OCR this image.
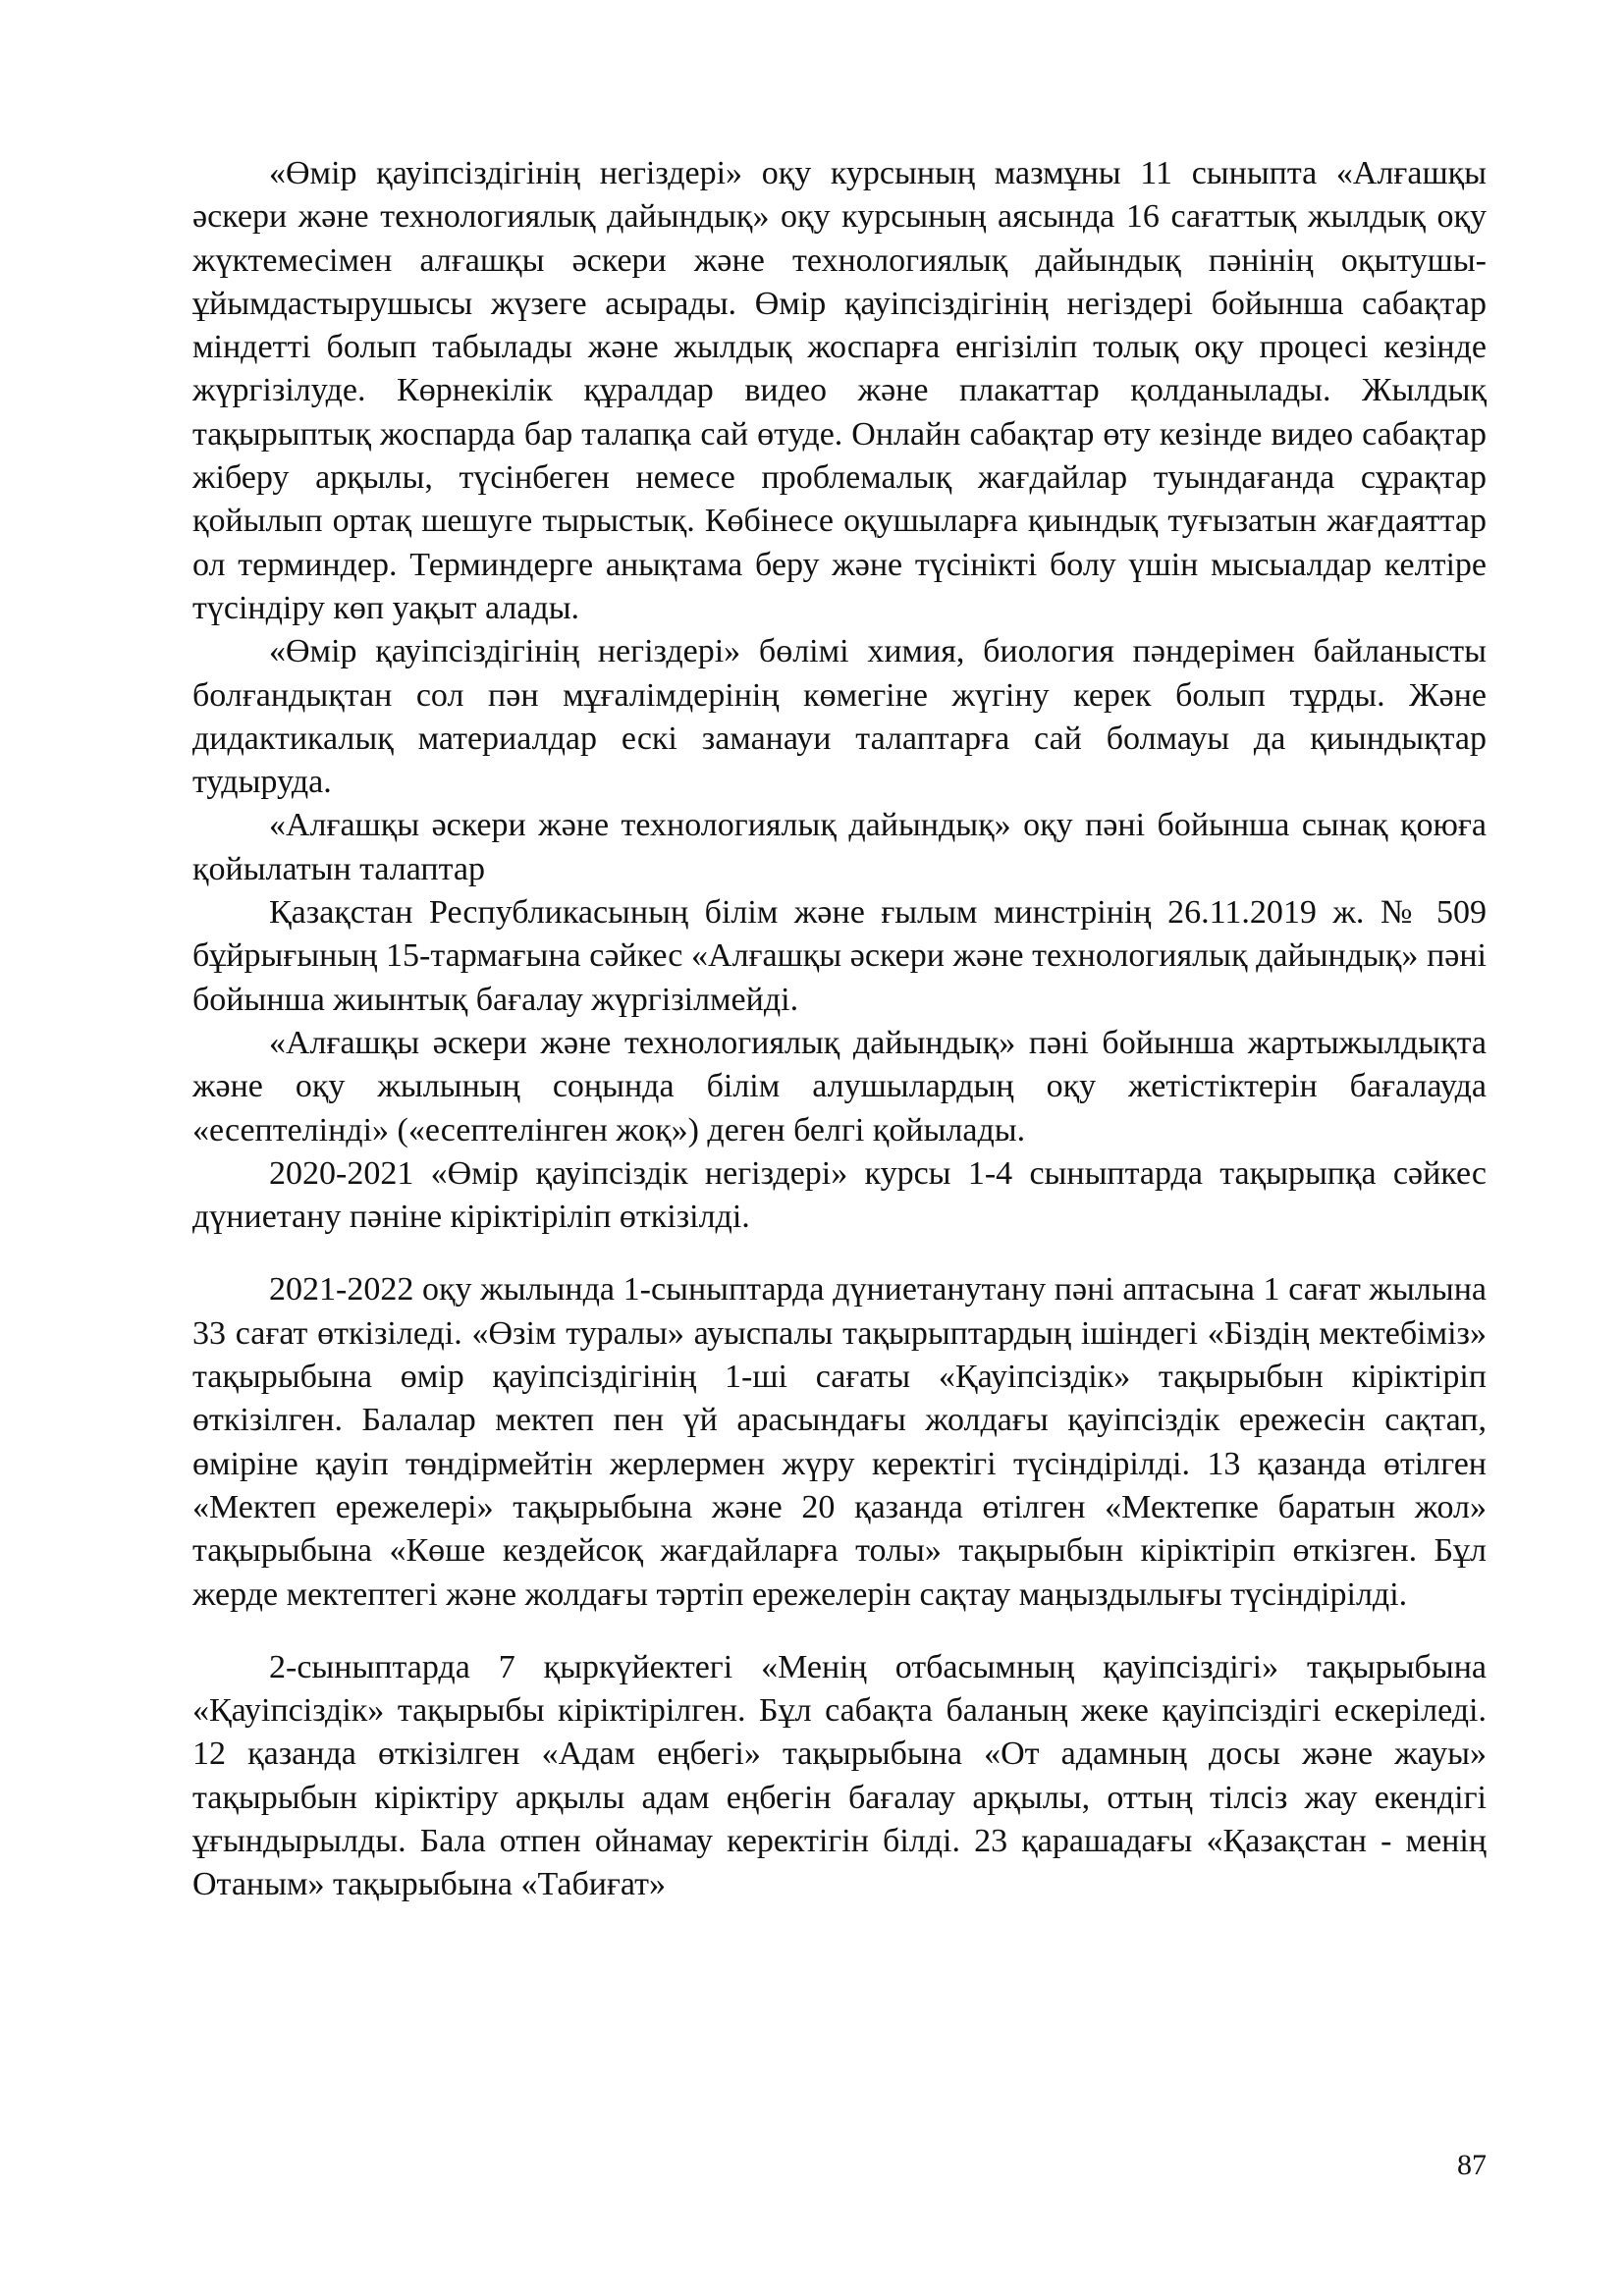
«Өмір қауіпсіздігінің негіздері» оқу курсының мазмұны 11 сыныпта «Алғашқы әскери және технологиялық дайындық» оқу курсының аясында 16 сағаттық жылдық оқу жүктемесімен алғашқы әскери және технологиялық дайындық пәнінің оқытушы-ұйымдастырушысы жүзеге асырады. Өмір қауіпсіздігінің негіздері бойынша сабақтар міндетті болып табылады және жылдық жоспарға енгізіліп толық оқу процесі кезінде жүргізілуде. Көрнекілік құралдар видео және плакаттар қолданылады. Жылдық тақырыптық жоспарда бар талапқа сай өтуде. Онлайн сабақтар өту кезінде видео сабақтар жіберу арқылы, түсінбеген немесе проблемалық жағдайлар туындағанда сұрақтар қойылып ортақ шешуге тырыстық. Көбінесе оқушыларға қиындық туғызатын жағдаяттар ол терминдер. Терминдерге анықтама беру және түсінікті болу үшін мысыалдар келтіре түсіндіру көп уақыт алады.

«Өмір қауіпсіздігінің негіздері» бөлімі химия, биология пәндерімен байланысты болғандықтан сол пән мұғалімдерінің көмегіне жүгіну керек болып тұрды. Және дидактикалық материалдар ескі заманауи талаптарға сай болмауы да қиындықтар тудыруда.

«Алғашқы әскери және технологиялық дайындық» оқу пәні бойынша сынақ қоюға қойылатын талаптар

Қазақстан Республикасының білім және ғылым минстрінің 26.11.2019 ж. № 509 бұйрығының 15-тармағына сәйкес «Алғашқы әскери және технологиялық дайындық» пәні бойынша жиынтық бағалау жүргізілмейді.

«Алғашқы әскери және технологиялық дайындық» пәні бойынша жартыжылдықта және оқу жылының соңында білім алушылардың оқу жетістіктерін бағалауда «есептелінді» («есептелінген жоқ») деген белгі қойылады.

2020-2021 «Өмір қауіпсіздік негіздері» курсы 1-4 сыныптарда тақырыпқа сәйкес дүниетану пәніне кіріктіріліп өткізілді.

2021-2022 оқу жылында 1-сыныптарда дүниетанутану пәні аптасына 1 сағат жылына 33 сағат өткізіледі. «Өзім туралы» ауыспалы тақырыптардың ішіндегі «Біздің мектебіміз» тақырыбына өмір қауіпсіздігінің 1-ші сағаты «Қауіпсіздік» тақырыбын кіріктіріп өткізілген. Балалар мектеп пен үй арасындағы жолдағы қауіпсіздік ережесін сақтап, өміріне қауіп төндірмейтін жерлермен жүру керектігі түсіндірілді. 13 қазанда өтілген «Мектеп ережелері» тақырыбына және 20 қазанда өтілген «Мектепке баратын жол» тақырыбына «Көше кездейсоқ жағдайларға толы» тақырыбын кіріктіріп өткізген. Бұл жерде мектептегі және жолдағы тәртіп ережелерін сақтау маңыздылығы түсіндірілді.

2-сыныптарда 7 қыркүйектегі «Менің отбасымның қауіпсіздігі» тақырыбына «Қауіпсіздік» тақырыбы кіріктірілген. Бұл сабақта баланың жеке қауіпсіздігі ескеріледі. 12 қазанда өткізілген «Адам еңбегі» тақырыбына «От адамның досы және жауы» тақырыбын кіріктіру арқылы адам еңбегін бағалау арқылы, оттың тілсіз жау екендігі ұғындырылды. Бала отпен ойнамау керектігін білді. 23 қарашадағы «Қазақстан - менің Отаным» тақырыбына «Табиғат»

87
